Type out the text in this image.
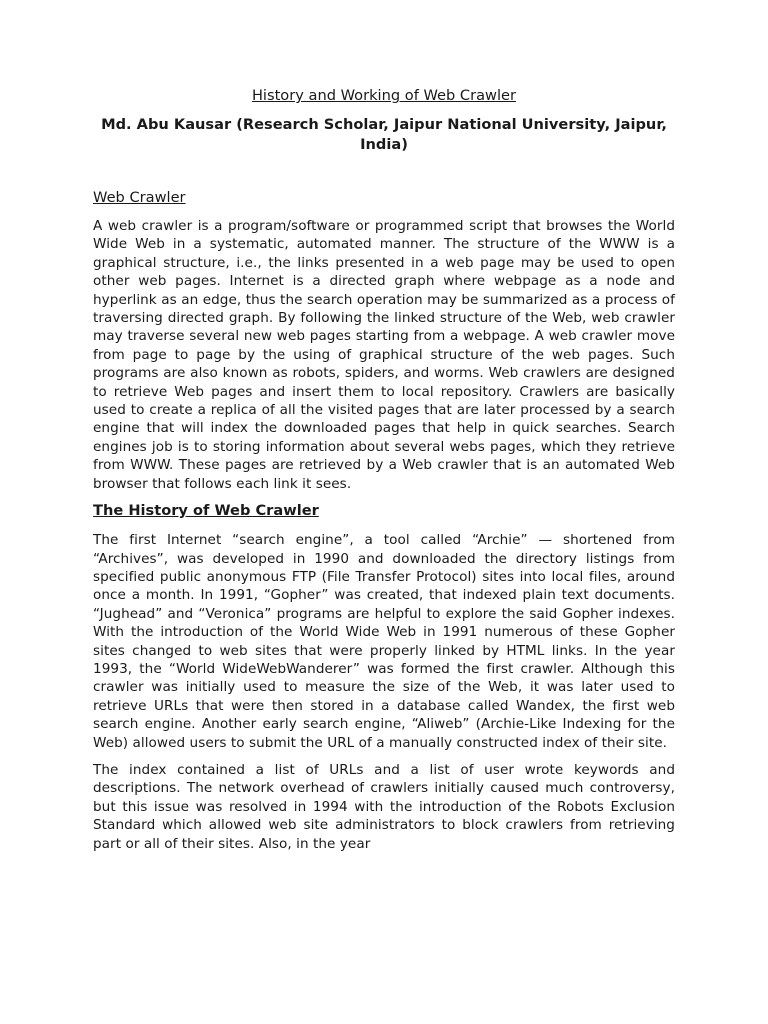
History and Working of Web Crawler

Md. Abu Kausar (Research Scholar, Jaipur National University, Jaipur, India)

Web Crawler

A web crawler is a program/software or programmed script that browses the World Wide Web in a systematic, automated manner. The structure of the WWW is a graphical structure, i.e., the links presented in a web page may be used to open other web pages. Internet is a directed graph where webpage as a node and hyperlink as an edge, thus the search operation may be summarized as a process of traversing directed graph. By following the linked structure of the Web, web crawler may traverse several new web pages starting from a webpage. A web crawler move from page to page by the using of graphical structure of the web pages. Such programs are also known as robots, spiders, and worms. Web crawlers are designed to retrieve Web pages and insert them to local repository. Crawlers are basically used to create a replica of all the visited pages that are later processed by a search engine that will index the downloaded pages that help in quick searches. Search engines job is to storing information about several webs pages, which they retrieve from WWW. These pages are retrieved by a Web crawler that is an automated Web browser that follows each link it sees.

The History of Web Crawler

The first Internet “search engine”, a tool called “Archie” — shortened from “Archives”, was developed in 1990 and downloaded the directory listings from specified public anonymous FTP (File Transfer Protocol) sites into local files, around once a month. In 1991, “Gopher” was created, that indexed plain text documents. “Jughead” and “Veronica” programs are helpful to explore the said Gopher indexes. With the introduction of the World Wide Web in 1991 numerous of these Gopher sites changed to web sites that were properly linked by HTML links. In the year 1993, the “World WideWebWanderer” was formed the first crawler. Although this crawler was initially used to measure the size of the Web, it was later used to retrieve URLs that were then stored in a database called Wandex, the first web search engine. Another early search engine, “Aliweb” (Archie-Like Indexing for the Web) allowed users to submit the URL of a manually constructed index of their site.

The index contained a list of URLs and a list of user wrote keywords and descriptions. The network overhead of crawlers initially caused much controversy, but this issue was resolved in 1994 with the introduction of the Robots Exclusion Standard which allowed web site administrators to block crawlers from retrieving part or all of their sites. Also, in the year
